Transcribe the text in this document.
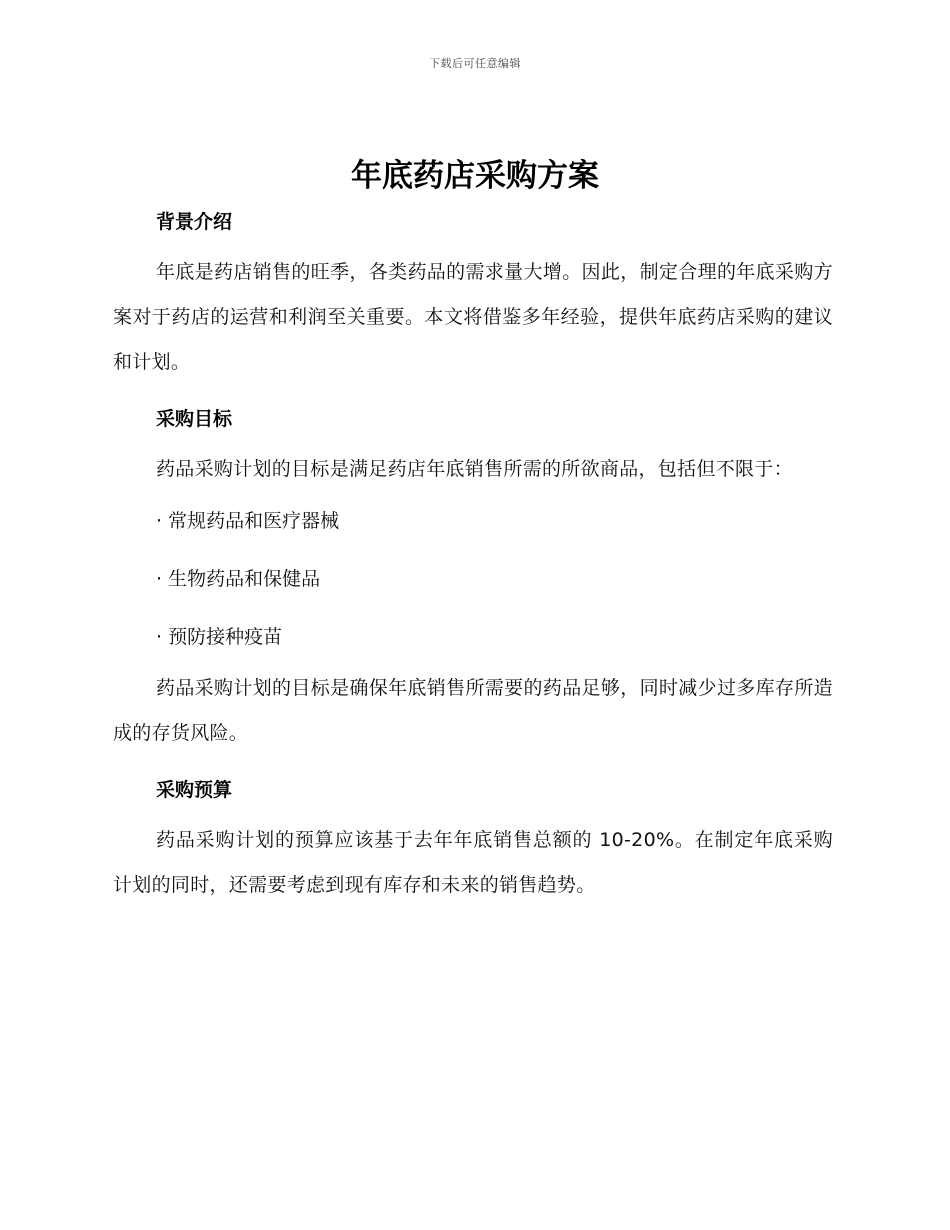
下载后可任意编辑
年底药店采购方案
背景介绍

年底是药店销售的旺季，各类药品的需求量大增。因此，制定合理的年底采购方案对于药店的运营和利润至关重要。本文将借鉴多年经验，提供年底药店采购的建议和计划。

采购目标

药品采购计划的目标是满足药店年底销售所需的所欲商品，包括但不限于：

· 常规药品和医疗器械
· 生物药品和保健品
· 预防接种疫苗

药品采购计划的目标是确保年底销售所需要的药品足够，同时减少过多库存所造成的存货风险。

采购预算

药品采购计划的预算应该基于去年年底销售总额的 10-20%。在制定年底采购计划的同时，还需要考虑到现有库存和未来的销售趋势。
